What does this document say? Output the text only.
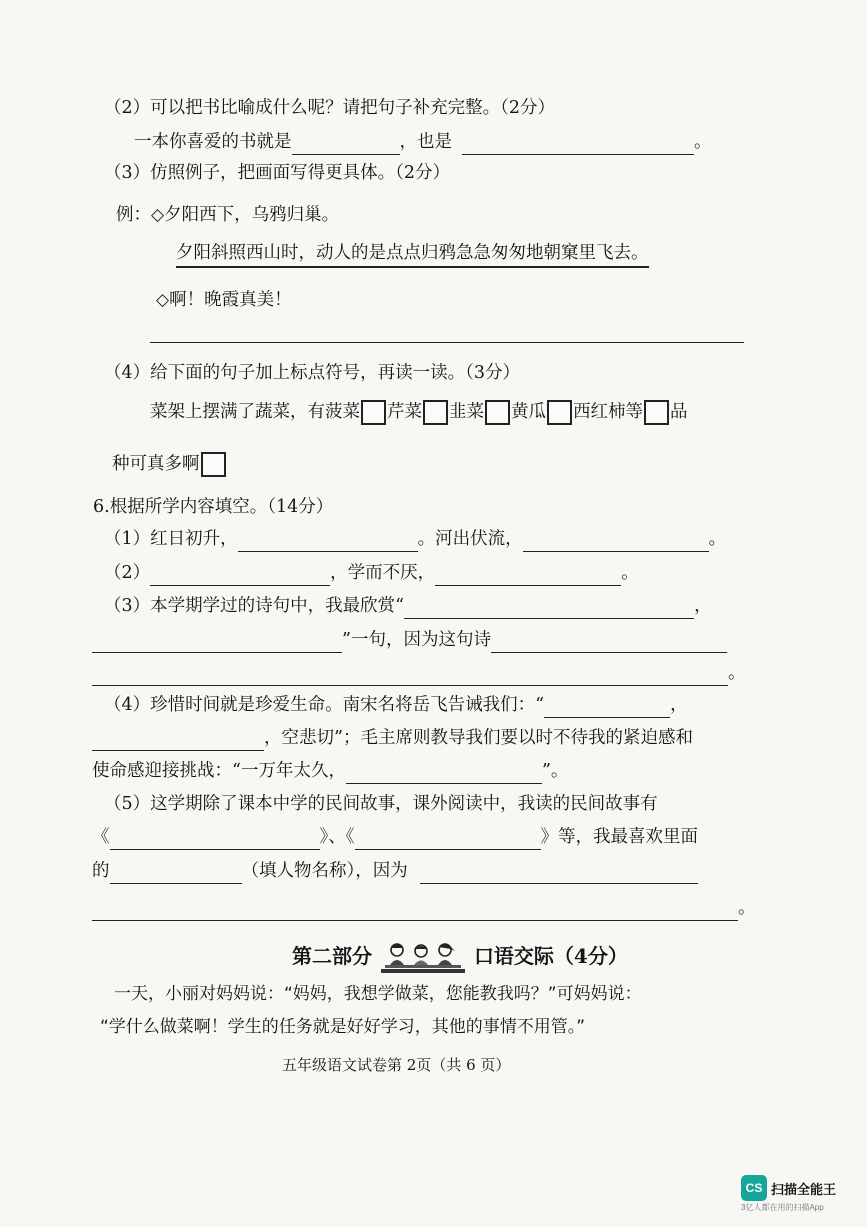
（2）可以把书比喻成什么呢？请把句子补充完整。（2分）
一本你喜爱的书就是	，也是	。
（3）仿照例子，把画面写得更具体。（2分）
例：◇夕阳西下，乌鸦归巢。
夕阳斜照西山时，动人的是点点归鸦急急匆匆地朝窠里飞去。
◇啊！晚霞真美！
（4）给下面的句子加上标点符号，再读一读。（3分）
菜架上摆满了蔬菜，有菠菜 芹菜 韭菜 黄瓜 西红柿等 品
种可真多啊
6.根据所学内容填空。（14分）
（1）红日初升，	。河出伏流，	。
（2）	，学而不厌，	。
（3）本学期学过的诗句中，我最欣赏“	，
”一句，因为这句诗
。
（4）珍惜时间就是珍爱生命。南宋名将岳飞告诫我们：“	，
，空悲切”；毛主席则教导我们要以时不待我的紧迫感和
使命感迎接挑战：“一万年太久，	”。
（5）这学期除了课本中学的民间故事，课外阅读中，我读的民间故事有
《	》、《	》等，我最喜欢里面
的	（填人物名称），因为
。
第二部分	口语交际（4分）
一天，小丽对妈妈说：“妈妈，我想学做菜，您能教我吗？”可妈妈说：
“学什么做菜啊！学生的任务就是好好学习，其他的事情不用管。”
五年级语文试卷第 2页（共 6 页）
CS 扫描全能王
3亿人都在用的扫描App
